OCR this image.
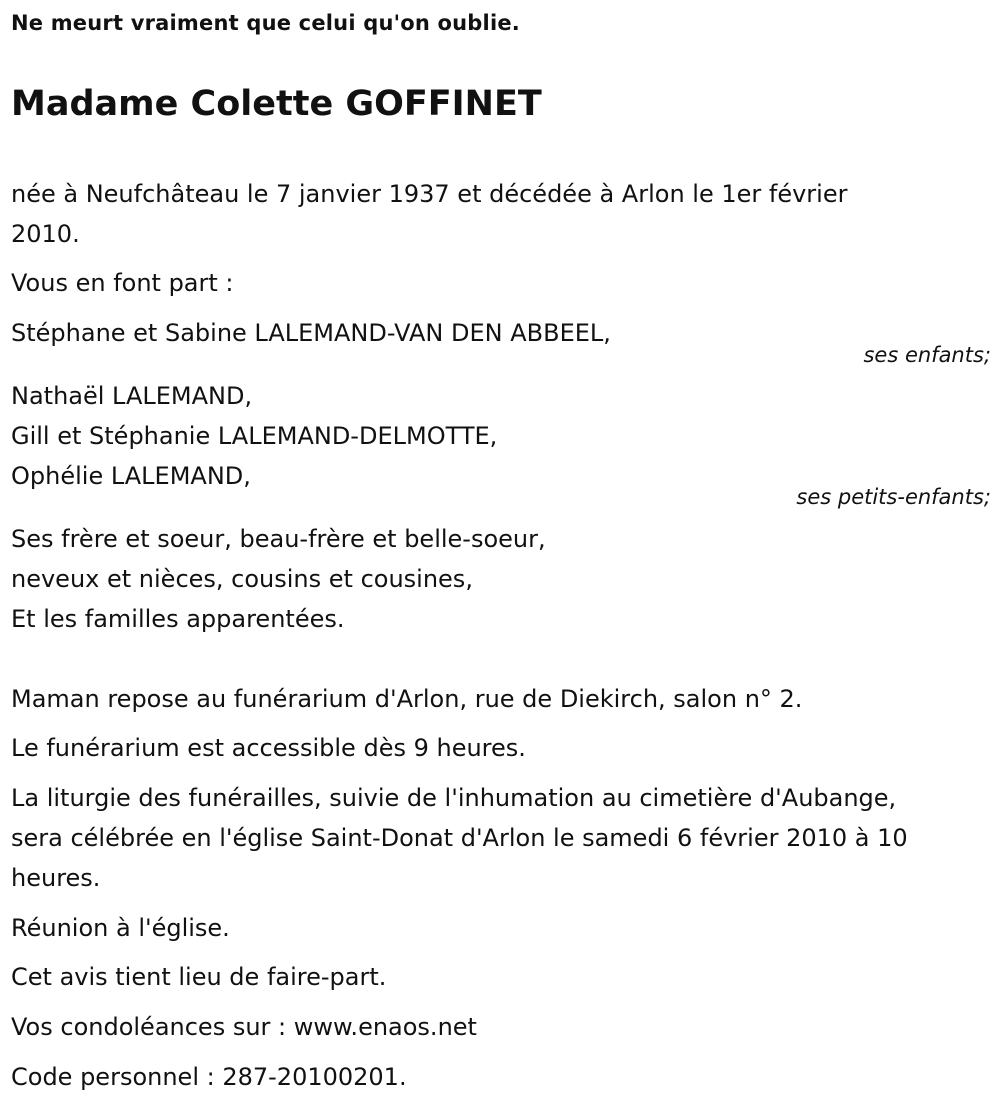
Ne meurt vraiment que celui qu'on oublie.
Madame Colette GOFFINET
née à Neufchâteau le 7 janvier 1937 et décédée à Arlon le 1er février
2010.
Vous en font part :
Stéphane et Sabine LALEMAND-VAN DEN ABBEEL,
ses enfants;
Nathaël LALEMAND,
Gill et Stéphanie LALEMAND-DELMOTTE,
Ophélie LALEMAND,
ses petits-enfants;
Ses frère et soeur, beau-frère et belle-soeur,
neveux et nièces, cousins et cousines,
Et les familles apparentées.
Maman repose au funérarium d'Arlon, rue de Diekirch, salon n° 2.
Le funérarium est accessible dès 9 heures.
La liturgie des funérailles, suivie de l'inhumation au cimetière d'Aubange,
sera célébrée en l'église Saint-Donat d'Arlon le samedi 6 février 2010 à 10
heures.
Réunion à l'église.
Cet avis tient lieu de faire-part.
Vos condoléances sur : www.enaos.net
Code personnel : 287-20100201.
